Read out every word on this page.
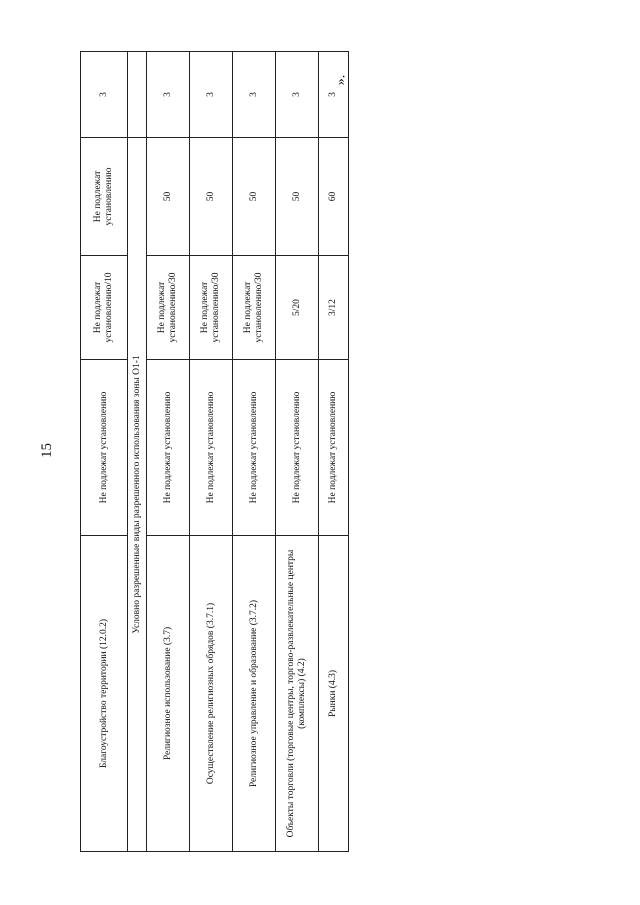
15
Благоустройство территории (12.0.2)	Не подлежат установлению	Не подлежат установлению/10	Не подлежат установлению	3
Условно разрешенные виды разрешенного использования зоны О1-1				
Религиозное использование (3.7)	Не подлежат установлению	Не подлежат установлению/30	50	3
Осуществление религиозных обрядов (3.7.1)	Не подлежат установлению	Не подлежат установлению/30	50	3
Религиозное управление и образование (3.7.2)	Не подлежат установлению	Не подлежат установлению/30	50	3
Объекты торговли (торговые центры, торгово-развлекательные центры (комплексы) (4.2)	Не подлежат установлению	5/20	50	3
Рынки (4.3)	Не подлежат установлению	3/12	60	3
».
